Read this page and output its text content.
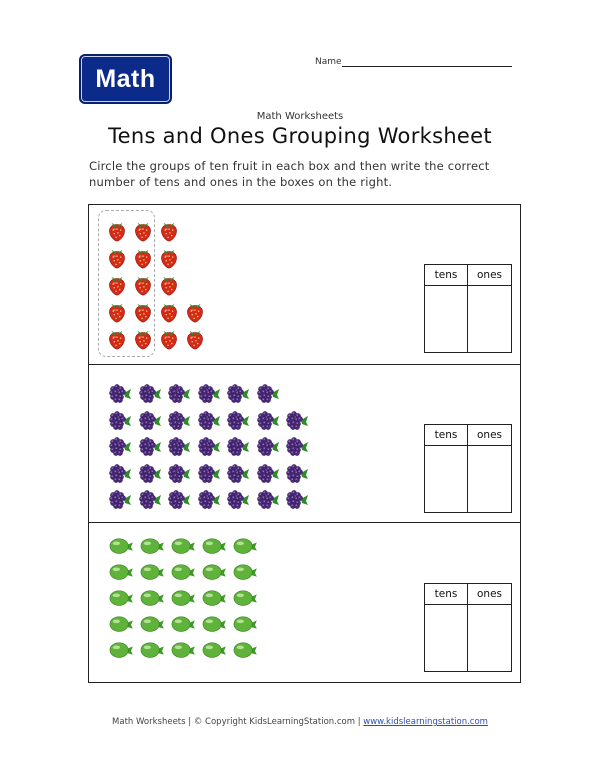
Math
Name
Math Worksheets
Tens and Ones Grouping Worksheet
Circle the groups of ten fruit in each box and then write the correct number of tens and ones in the boxes on the right.
tens	ones
tens	ones
tens	ones
Math Worksheets | © Copyright KidsLearningStation.com | www.kidslearningstation.com
